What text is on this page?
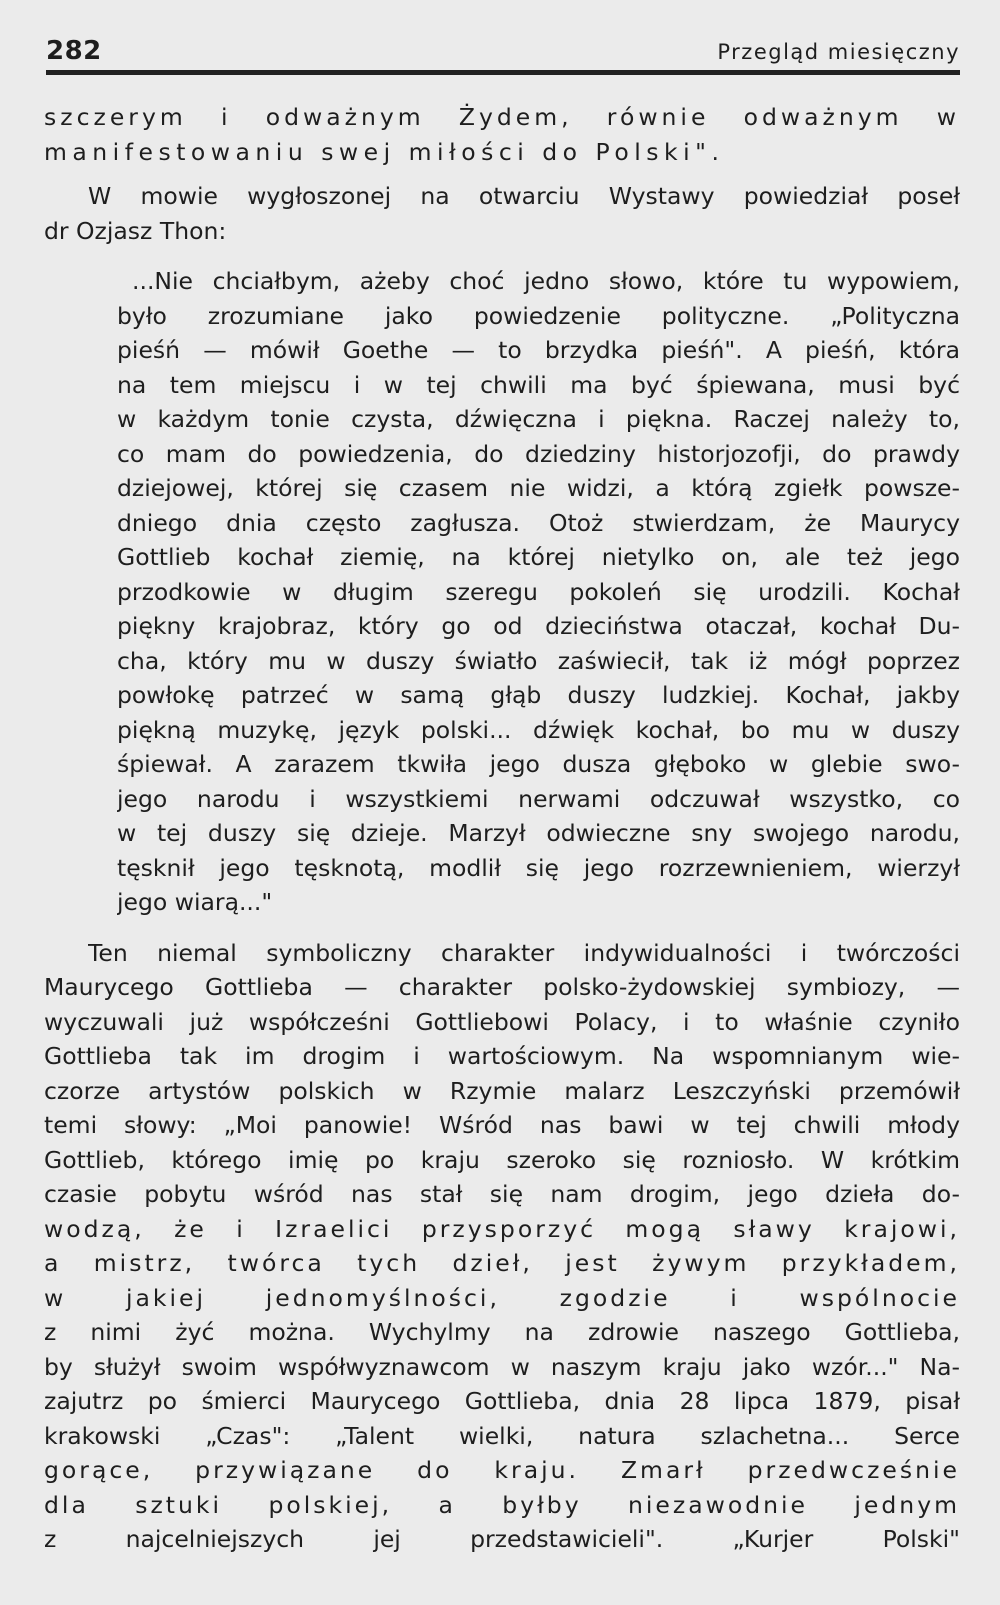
282	Przegląd miesięczny
szczerym i odważnym Żydem, równie odważnym w
manifestowaniu swej miłości do Polski".
W mowie wygłoszonej na otwarciu Wystawy powiedział poseł
dr Ozjasz Thon:
...Nie chciałbym, ażeby choć jedno słowo, które tu wypowiem,
było zrozumiane jako powiedzenie polityczne. „Polityczna
pieśń — mówił Goethe — to brzydka pieśń". A pieśń, która
na tem miejscu i w tej chwili ma być śpiewana, musi być
w każdym tonie czysta, dźwięczna i piękna. Raczej należy to,
co mam do powiedzenia, do dziedziny historjozofji, do prawdy
dziejowej, której się czasem nie widzi, a którą zgiełk powsze-
dniego dnia często zagłusza. Otoż stwierdzam, że Maurycy
Gottlieb kochał ziemię, na której nietylko on, ale też jego
przodkowie w długim szeregu pokoleń się urodzili. Kochał
piękny krajobraz, który go od dzieciństwa otaczał, kochał Du-
cha, który mu w duszy światło zaświecił, tak iż mógł poprzez
powłokę patrzeć w samą głąb duszy ludzkiej. Kochał, jakby
piękną muzykę, język polski... dźwięk kochał, bo mu w duszy
śpiewał. A zarazem tkwiła jego dusza głęboko w glebie swo-
jego narodu i wszystkiemi nerwami odczuwał wszystko, co
w tej duszy się dzieje. Marzył odwieczne sny swojego narodu,
tęsknił jego tęsknotą, modlił się jego rozrzewnieniem, wierzył
jego wiarą..."
Ten niemal symboliczny charakter indywidualności i twórczości
Maurycego Gottlieba — charakter polsko-żydowskiej symbiozy, —
wyczuwali już współcześni Gottliebowi Polacy, i to właśnie czyniło
Gottlieba tak im drogim i wartościowym. Na wspomnianym wie-
czorze artystów polskich w Rzymie malarz Leszczyński przemówił
temi słowy: „Moi panowie! Wśród nas bawi w tej chwili młody
Gottlieb, którego imię po kraju szeroko się rozniosło. W krótkim
czasie pobytu wśród nas stał się nam drogim, jego dzieła do-
wodzą, że i Izraelici przysporzyć mogą sławy krajowi,
a mistrz, twórca tych dzieł, jest żywym przykładem,
w jakiej jednomyślności, zgodzie i wspólnocie
z nimi żyć można. Wychylmy na zdrowie naszego Gottlieba,
by służył swoim współwyznawcom w naszym kraju jako wzór..." Na-
zajutrz po śmierci Maurycego Gottlieba, dnia 28 lipca 1879, pisał
krakowski „Czas": „Talent wielki, natura szlachetna... Serce
gorące, przywiązane do kraju. Zmarł przedwcześnie
dla sztuki polskiej, a byłby niezawodnie jednym
z najcelniejszych jej przedstawicieli". „Kurjer Polski"
